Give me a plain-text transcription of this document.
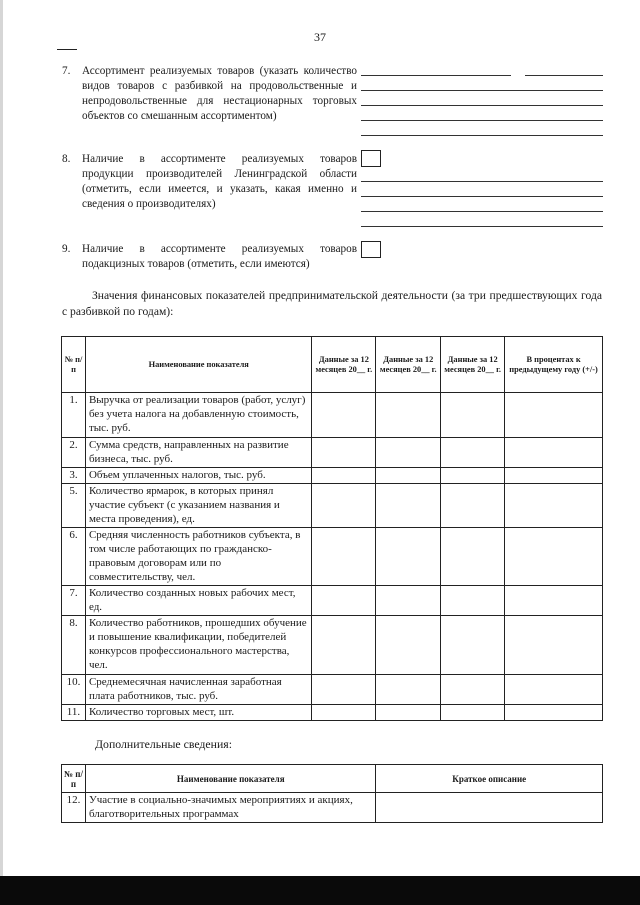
37
7. Ассортимент реализуемых товаров (указать количество видов товаров с разбивкой на продовольственные и непродовольственные для нестационарных торговых объектов со смешанным ассортиментом)
8. Наличие в ассортименте реализуемых товаров продукции производителей Ленинградской области (отметить, если имеется, и указать, какая именно и сведения о производителях)
9. Наличие в ассортименте реализуемых товаров подакцизных товаров (отметить, если имеются)
Значения финансовых показателей предпринимательской деятельности (за три предшествующих года с разбивкой по годам):
№ п/п	Наименование показателя	Данные за 12 месяцев 20__ г.	Данные за 12 месяцев 20__ г.	Данные за 12 месяцев 20__ г.	В процентах к предыдущему году (+/-)
1.	Выручка от реализации товаров (работ, услуг) без учета налога на добавленную стоимость, тыс. руб.				
2.	Сумма средств, направленных на развитие бизнеса, тыс. руб.				
3.	Объем уплаченных налогов, тыс. руб.				
5.	Количество ярмарок, в которых принял участие субъект (с указанием названия и места проведения), ед.				
6.	Средняя численность работников субъекта, в том числе работающих по гражданско-правовым договорам или по совместительству, чел.				
7.	Количество созданных новых рабочих мест, ед.				
8.	Количество работников, прошедших обучение и повышение квалификации, победителей конкурсов профессионального мастерства, чел.				
10.	Среднемесячная начисленная заработная плата работников, тыс. руб.				
11.	Количество торговых мест, шт.				
Дополнительные сведения:
№ п/п	Наименование показателя	Краткое описание
12.	Участие в социально-значимых мероприятиях и акциях, благотворительных программах	
